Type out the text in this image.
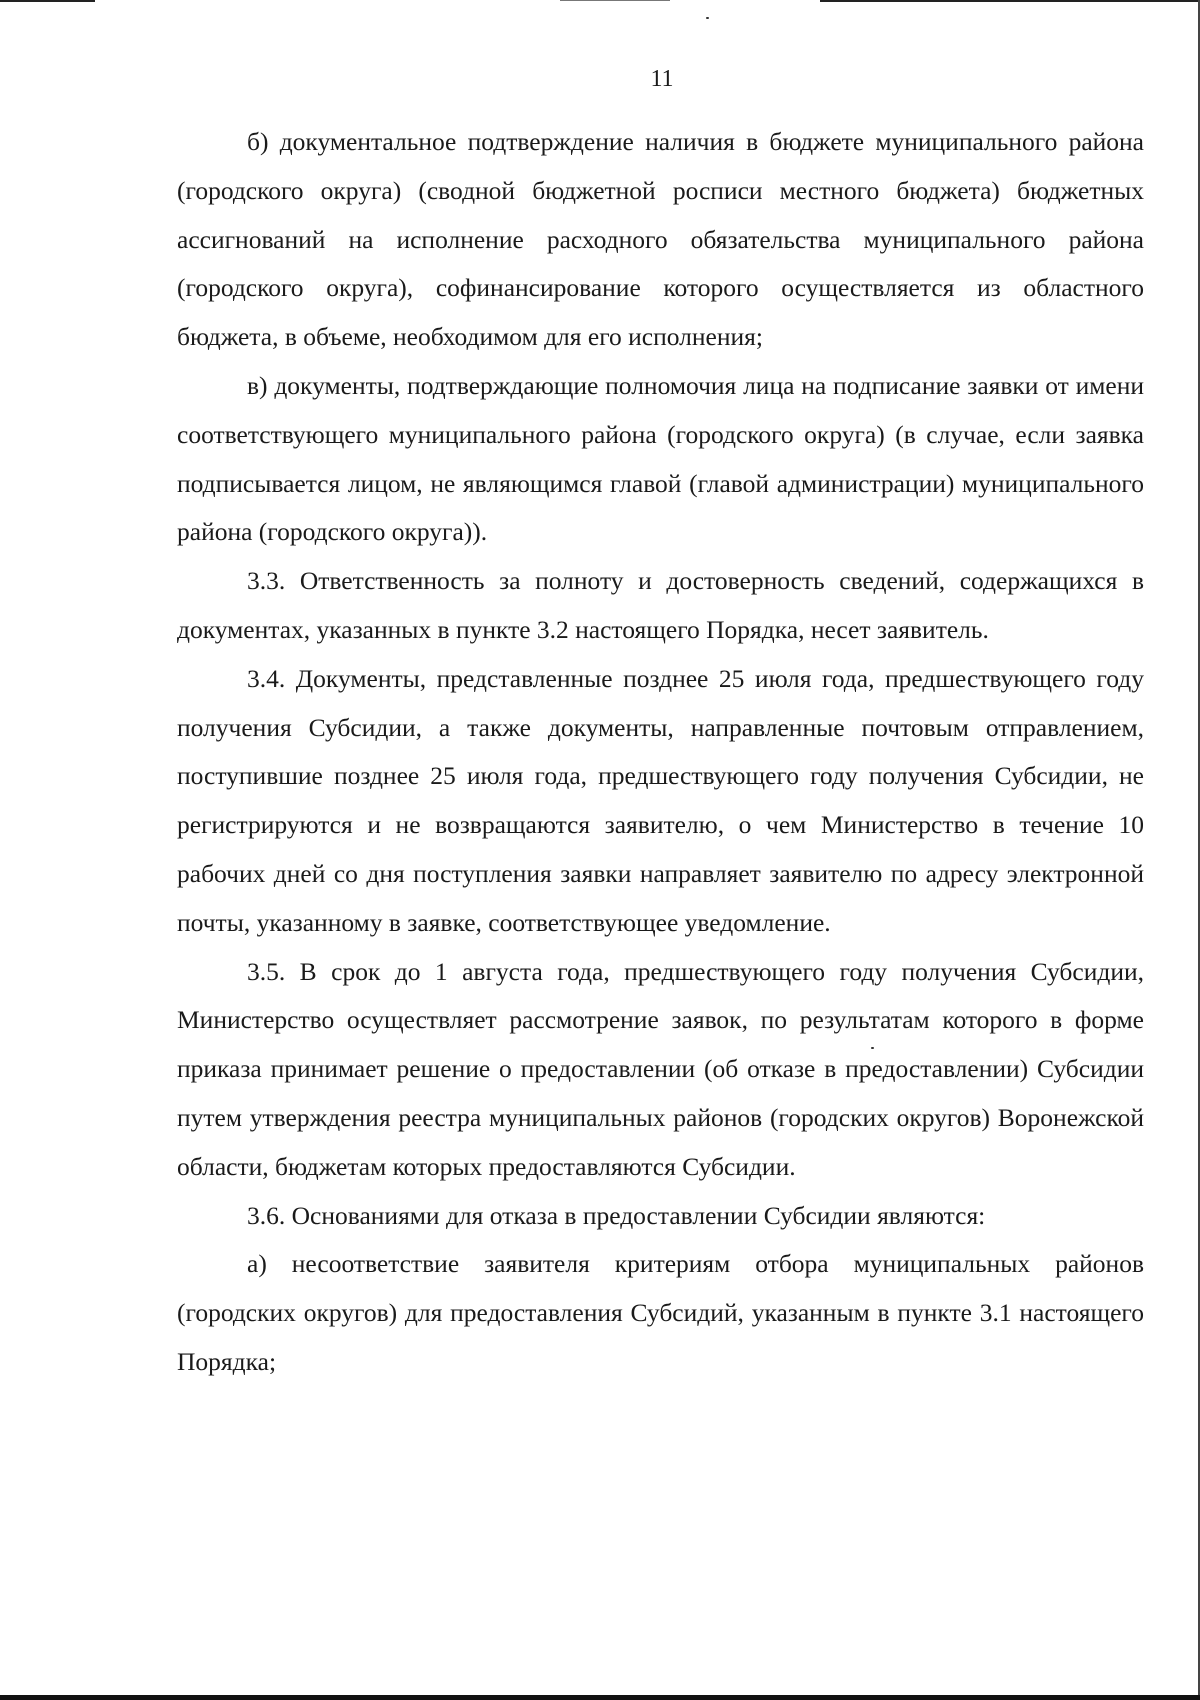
11

б) документальное подтверждение наличия в бюджете муниципального района (городского округа) (сводной бюджетной росписи местного бюджета) бюджетных ассигнований на исполнение расходного обязательства муниципального района (городского округа), софинансирование которого осуществляется из областного бюджета, в объеме, необходимом для его исполнения;

в) документы, подтверждающие полномочия лица на подписание заявки от имени соответствующего муниципального района (городского округа) (в случае, если заявка подписывается лицом, не являющимся главой (главой администрации) муниципального района (городского округа)).

3.3. Ответственность за полноту и достоверность сведений, содержащихся в документах, указанных в пункте 3.2 настоящего Порядка, несет заявитель.

3.4. Документы, представленные позднее 25 июля года, предшествующего году получения Субсидии, а также документы, направленные почтовым отправлением, поступившие позднее 25 июля года, предшествующего году получения Субсидии, не регистрируются и не возвращаются заявителю, о чем Министерство в течение 10 рабочих дней со дня поступления заявки направляет заявителю по адресу электронной почты, указанному в заявке, соответствующее уведомление.

3.5. В срок до 1 августа года, предшествующего году получения Субсидии, Министерство осуществляет рассмотрение заявок, по результатам которого в форме приказа принимает решение о предоставлении (об отказе в предоставлении) Субсидии путем утверждения реестра муниципальных районов (городских округов) Воронежской области, бюджетам которых предоставляются Субсидии.

3.6. Основаниями для отказа в предоставлении Субсидии являются:

а) несоответствие заявителя критериям отбора муниципальных районов (городских округов) для предоставления Субсидий, указанным в пункте 3.1 настоящего Порядка;
